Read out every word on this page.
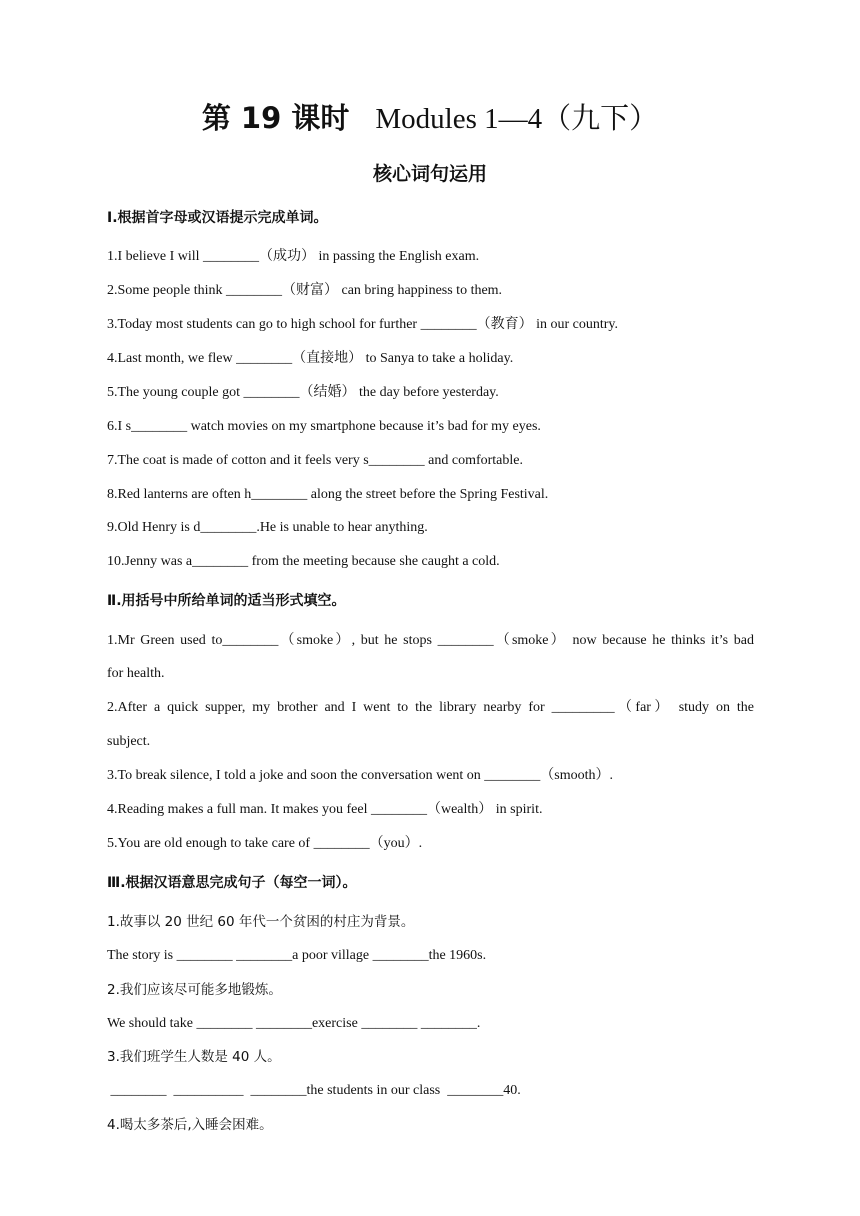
第 19 课时 Modules 1—4（九下）
核心词句运用
Ⅰ.根据首字母或汉语提示完成单词。
1.I believe I will ________（成功） in passing the English exam.
2.Some people think ________（财富） can bring happiness to them.
3.Today most students can go to high school for further ________（教育） in our country.
4.Last month, we flew ________（直接地） to Sanya to take a holiday.
5.The young couple got ________（结婚） the day before yesterday.
6.I s________ watch movies on my smartphone because it’s bad for my eyes.
7.The coat is made of cotton and it feels very s________ and comfortable.
8.Red lanterns are often h________ along the street before the Spring Festival.
9.Old Henry is d________.He is unable to hear anything.
10.Jenny was a________ from the meeting because she caught a cold.
Ⅱ.用括号中所给单词的适当形式填空。
1.Mr Green used to________（smoke）, but he stops ________（smoke） now because he thinks it’s bad
for health.
2.After a quick supper, my brother and I went to the library nearby for _________（far） study on the
subject.
3.To break silence, I told a joke and soon the conversation went on ________（smooth）.
4.Reading makes a full man. It makes you feel ________（wealth） in spirit.
5.You are old enough to take care of ________（you）.
Ⅲ.根据汉语意思完成句子（每空一词）。
1.故事以 20 世纪 60 年代一个贫困的村庄为背景。
The story is ________ ________a poor village ________the 1960s.
2.我们应该尽可能多地锻炼。
We should take ________ ________exercise ________ ________.
3.我们班学生人数是 40 人。
________  __________  ________the students in our class  ________40.
4.喝太多茶后,入睡会困难。
